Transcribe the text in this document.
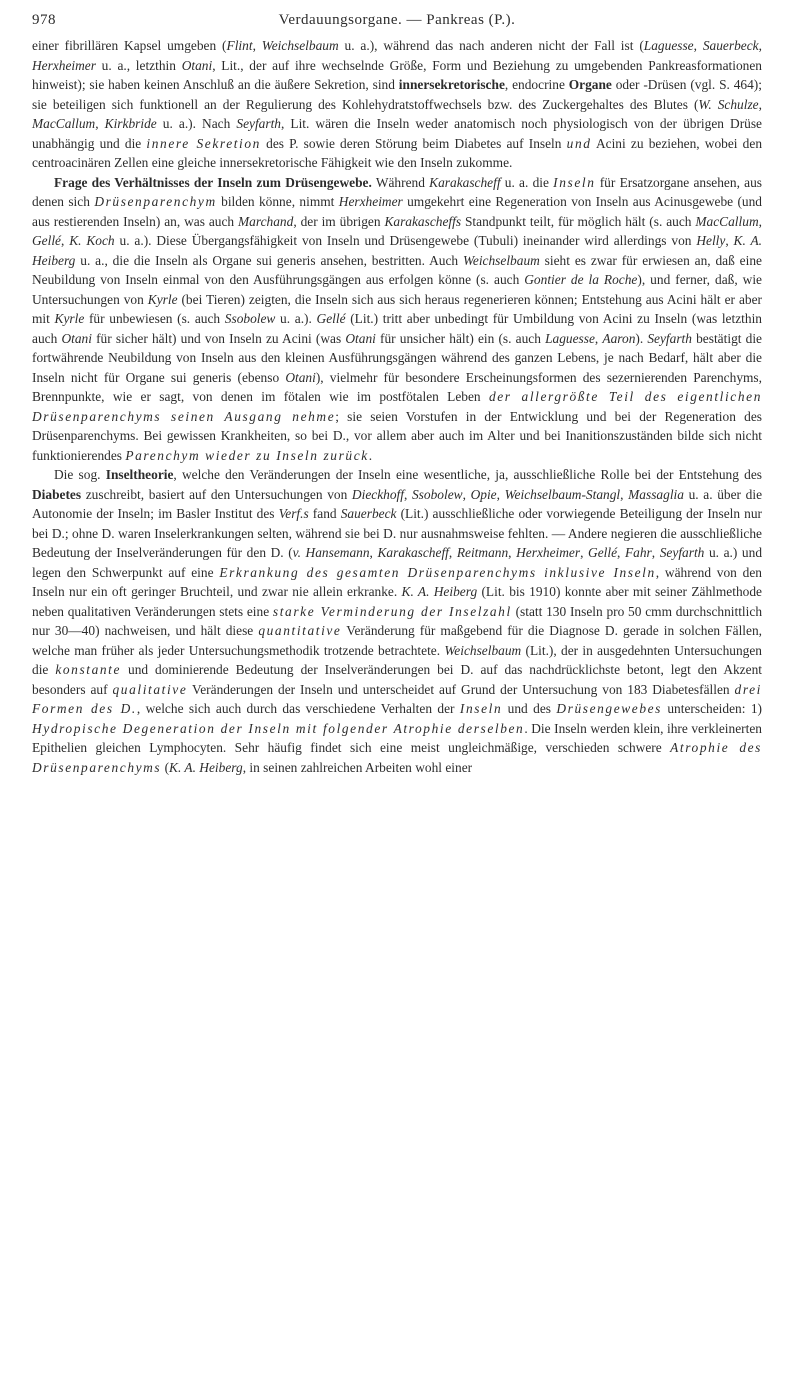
978	Verdauungsorgane. — Pankreas (P.).

einer fibrillären Kapsel umgeben (Flint, Weichselbaum u. a.), während das nach anderen nicht der Fall ist (Laguesse, Sauerbeck, Herxheimer u. a., letzthin Otani, Lit., der auf ihre wechselnde Größe, Form und Beziehung zu umgebenden Pankreasformationen hinweist); sie haben keinen Anschluß an die äußere Sekretion, sind innersekretorische, endocrine Organe oder -Drüsen (vgl. S. 464); sie beteiligen sich funktionell an der Regulierung des Kohlehydratstoffwechsels bzw. des Zuckergehaltes des Blutes (W. Schulze, MacCallum, Kirkbride u. a.). Nach Seyfarth, Lit. wären die Inseln weder anatomisch noch physiologisch von der übrigen Drüse unabhängig und die innere Sekretion des P. sowie deren Störung beim Diabetes auf Inseln und Acini zu beziehen, wobei den centroacinären Zellen eine gleiche innersekretorische Fähigkeit wie den Inseln zukomme.

Frage des Verhältnisses der Inseln zum Drüsengewebe. Während Karakascheff u. a. die Inseln für Ersatzorgane ansehen, aus denen sich Drüsenparenchym bilden könne, nimmt Herxheimer umgekehrt eine Regeneration von Inseln aus Acinusgewebe (und aus restierenden Inseln) an, was auch Marchand, der im übrigen Karakascheffs Standpunkt teilt, für möglich hält (s. auch MacCallum, Gellé, K. Koch u. a.). Diese Übergangsfähigkeit von Inseln und Drüsengewebe (Tubuli) ineinander wird allerdings von Helly, K. A. Heiberg u. a., die die Inseln als Organe sui generis ansehen, bestritten. Auch Weichselbaum sieht es zwar für erwiesen an, daß eine Neubildung von Inseln einmal von den Ausführungsgängen aus erfolgen könne (s. auch Gontier de la Roche), und ferner, daß, wie Untersuchungen von Kyrle (bei Tieren) zeigten, die Inseln sich aus sich heraus regenerieren können; Entstehung aus Acini hält er aber mit Kyrle für unbewiesen (s. auch Ssobolew u. a.). Gellé (Lit.) tritt aber unbedingt für Umbildung von Acini zu Inseln (was letzthin auch Otani für sicher hält) und von Inseln zu Acini (was Otani für unsicher hält) ein (s. auch Laguesse, Aaron). Seyfarth bestätigt die fortwährende Neubildung von Inseln aus den kleinen Ausführungsgängen während des ganzen Lebens, je nach Bedarf, hält aber die Inseln nicht für Organe sui generis (ebenso Otani), vielmehr für besondere Erscheinungsformen des sezernierenden Parenchyms, Brennpunkte, wie er sagt, von denen im fötalen wie im postfötalen Leben der allergrößte Teil des eigentlichen Drüsenparenchyms seinen Ausgang nehme; sie seien Vorstufen in der Entwicklung und bei der Regeneration des Drüsenparenchyms. Bei gewissen Krankheiten, so bei D., vor allem aber auch im Alter und bei Inanitionszuständen bilde sich nicht funktionierendes Parenchym wieder zu Inseln zurück.

Die sog. Inseltheorie, welche den Veränderungen der Inseln eine wesentliche, ja, ausschließliche Rolle bei der Entstehung des Diabetes zuschreibt, basiert auf den Untersuchungen von Dieckhoff, Ssobolew, Opie, Weichselbaum-Stangl, Massaglia u. a. über die Autonomie der Inseln; im Basler Institut des Verf.s fand Sauerbeck (Lit.) ausschließliche oder vorwiegende Beteiligung der Inseln nur bei D.; ohne D. waren Inselerkrankungen selten, während sie bei D. nur ausnahmsweise fehlten. — Andere negieren die ausschließliche Bedeutung der Inselveränderungen für den D. (v. Hansemann, Karakascheff, Reitmann, Herxheimer, Gellé, Fahr, Seyfarth u. a.) und legen den Schwerpunkt auf eine Erkrankung des gesamten Drüsenparenchyms inklusive Inseln, während von den Inseln nur ein oft geringer Bruchteil, und zwar nie allein erkranke. K. A. Heiberg (Lit. bis 1910) konnte aber mit seiner Zählmethode neben qualitativen Veränderungen stets eine starke Verminderung der Inselzahl (statt 130 Inseln pro 50 cmm durchschnittlich nur 30—40) nachweisen, und hält diese quantitative Veränderung für maßgebend für die Diagnose D. gerade in solchen Fällen, welche man früher als jeder Untersuchungsmethodik trotzende betrachtete. Weichselbaum (Lit.), der in ausgedehnten Untersuchungen die konstante und dominierende Bedeutung der Inselveränderungen bei D. auf das nachdrücklichste betont, legt den Akzent besonders auf qualitative Veränderungen der Inseln und unterscheidet auf Grund der Untersuchung von 183 Diabetesfällen drei Formen des D., welche sich auch durch das verschiedene Verhalten der Inseln und des Drüsengewebes unterscheiden: 1) Hydropische Degeneration der Inseln mit folgender Atrophie derselben. Die Inseln werden klein, ihre verkleinerten Epithelien gleichen Lymphocyten. Sehr häufig findet sich eine meist ungleichmäßige, verschieden schwere Atrophie des Drüsenparenchyms (K. A. Heiberg, in seinen zahlreichen Arbeiten wohl einer
